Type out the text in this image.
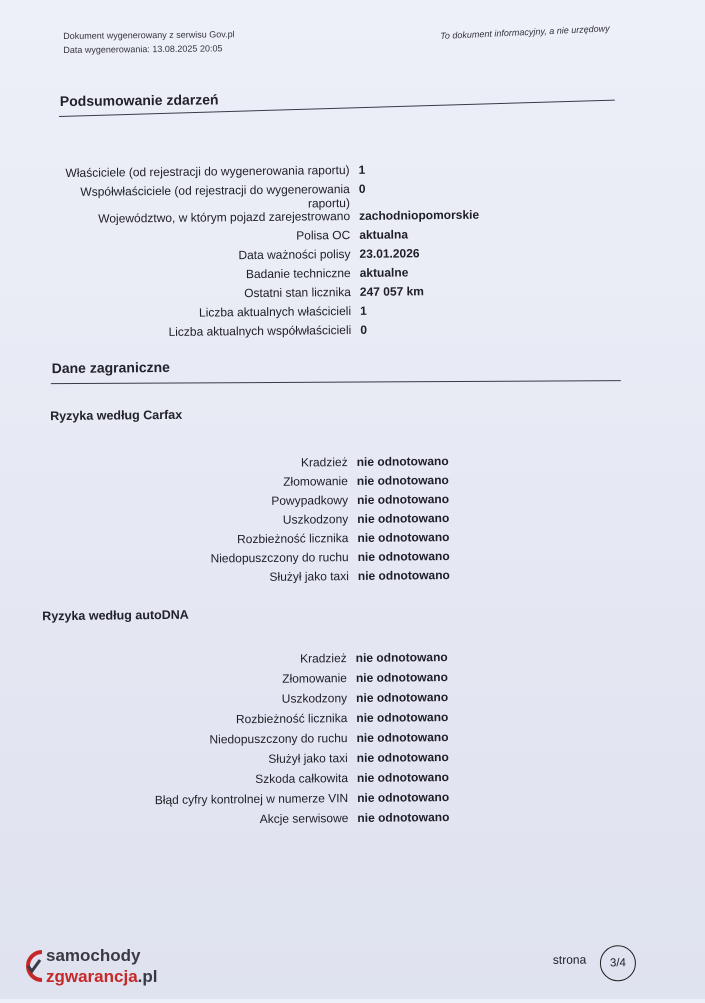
Dokument wygenerowany z serwisu Gov.pl
Data wygenerowania: 13.08.2025 20:05
To dokument informacyjny, a nie urzędowy
Podsumowanie zdarzeń
Właściciele (od rejestracji do wygenerowania raportu) 1
Współwłaściciele (od rejestracji do wygenerowania raportu)
0
Województwo, w którym pojazd zarejestrowano zachodniopomorskie
Polisa OC aktualna
Data ważności polisy 23.01.2026
Badanie techniczne aktualne
Ostatni stan licznika 247 057 km
Liczba aktualnych właścicieli 1
Liczba aktualnych współwłaścicieli 0
Dane zagraniczne
Ryzyka według Carfax
Kradzież nie odnotowano
Złomowanie nie odnotowano
Powypadkowy nie odnotowano
Uszkodzony nie odnotowano
Rozbieżność licznika nie odnotowano
Niedopuszczony do ruchu nie odnotowano
Służył jako taxi nie odnotowano
Ryzyka według autoDNA
Kradzież nie odnotowano
Złomowanie nie odnotowano
Uszkodzony nie odnotowano
Rozbieżność licznika nie odnotowano
Niedopuszczony do ruchu nie odnotowano
Służył jako taxi nie odnotowano
Szkoda całkowita nie odnotowano
Błąd cyfry kontrolnej w numerze VIN nie odnotowano
Akcje serwisowe nie odnotowano
strona	3/4
samochody
zgwarancja.pl
